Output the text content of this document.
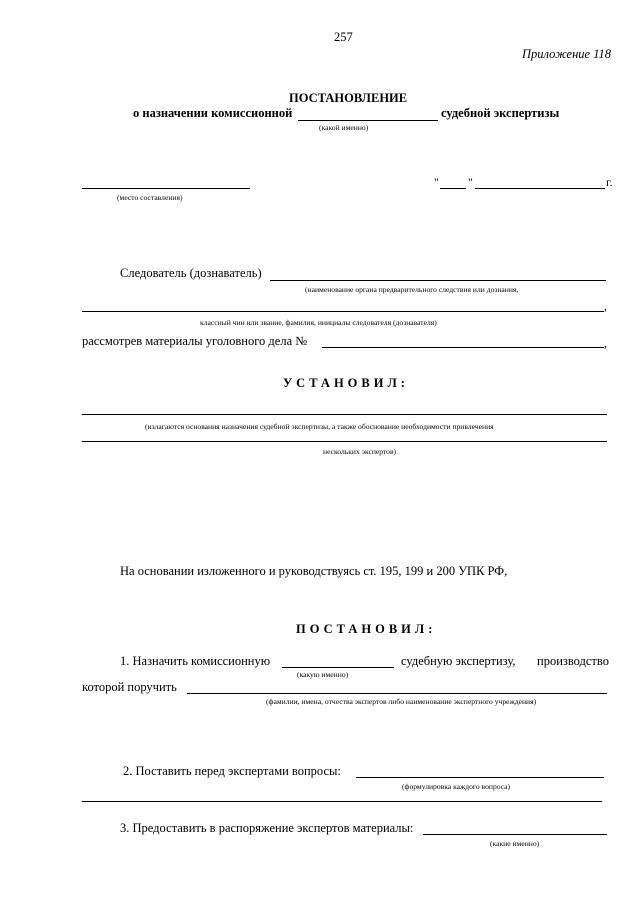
257
Приложение 118
ПОСТАНОВЛЕНИЕ
о назначении комиссионной	судебной экспертизы
(какой именно)
(место составления)
" "	г.
Следователь (дознаватель)
(наименование органа предварительного следствия или дознания,
,
классный чин или звание, фамилия, инициалы следователя (дознавателя)
рассмотрев материалы уголовного дела №	,
УСТАНОВИЛ:
(излагаются основания назначения судебной экспертизы, а также обоснование необходимости привлечения
нескольких экспертов)
На основании изложенного и руководствуясь ст. 195, 199 и 200 УПК РФ,
ПОСТАНОВИЛ:
1. Назначить комиссионную	судебную экспертизу, производство
(какую именно)
которой поручить
(фамилии, имена, отчества экспертов либо наименование экспертного учреждения)
2. Поставить перед экспертами вопросы:
(формулировка каждого вопроса)
3. Предоставить в распоряжение экспертов материалы:
(какие именно)
